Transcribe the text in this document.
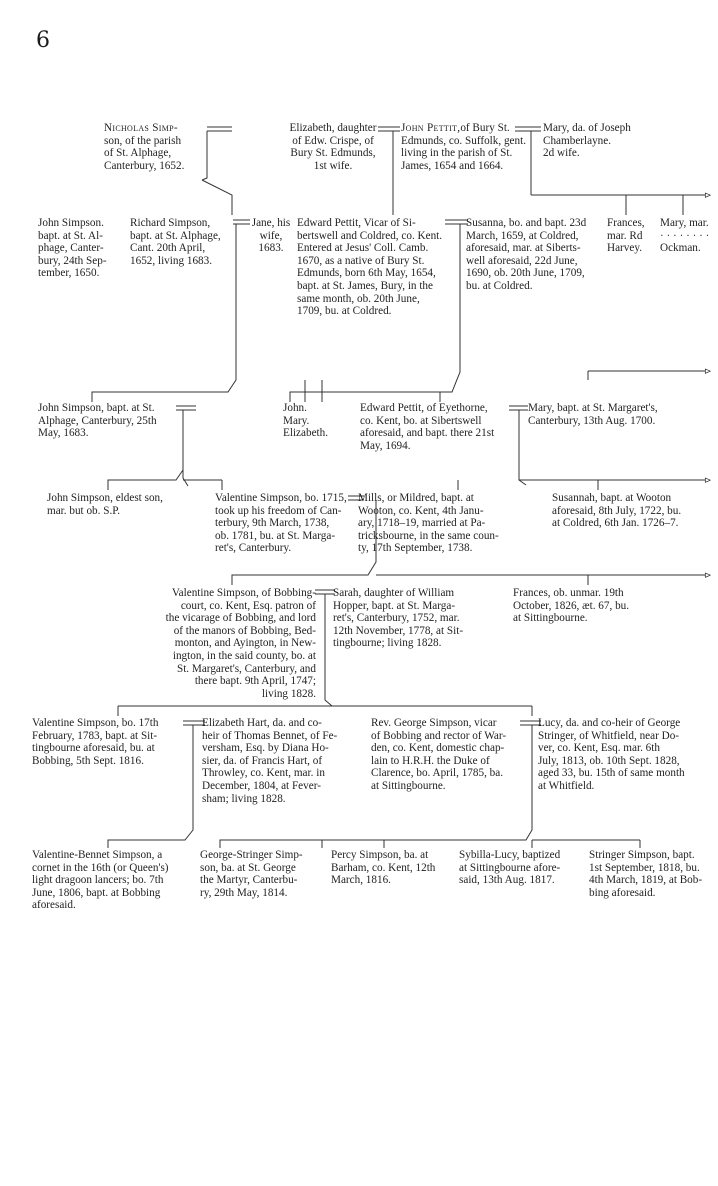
⊳
⊳
⊳
⊳
6
Nicholas Simp-
son, of the parish
of St. Alphage,
Canterbury, 1652.
Elizabeth, daughter
of Edw. Crispe, of
Bury St. Edmunds,
1st wife.
John Pettit,of Bury St.
Edmunds, co. Suffolk, gent.
living in the parish of St.
James, 1654 and 1664.
Mary, da. of Joseph
Chamberlayne.
2d wife.
John Simpson.
bapt. at St. Al-
phage, Canter-
bury, 24th Sep-
tember, 1650.
Richard Simpson,
bapt. at St. Alphage,
Cant. 20th April,
1652, living 1683.
Jane, his
wife,
1683.
Edward Pettit, Vicar of Si-
bertswell and Coldred, co. Kent.
Entered at Jesus' Coll. Camb.
1670, as a native of Bury St.
Edmunds, born 6th May, 1654,
bapt. at St. James, Bury, in the
same month, ob. 20th June,
1709, bu. at Coldred.
Susanna, bo. and bapt. 23d
March, 1659, at Coldred,
aforesaid, mar. at Siberts-
well aforesaid, 22d June,
1690, ob. 20th June, 1709,
bu. at Coldred.
Frances,
mar. Rd
Harvey.
Mary, mar.
· · · · · · · ·
Ockman.
John Simpson, bapt. at St.
Alphage, Canterbury, 25th
May, 1683.
John.
Mary.
Elizabeth.
Edward Pettit, of Eyethorne,
co. Kent, bo. at Sibertswell
aforesaid, and bapt. there 21st
May, 1694.
Mary, bapt. at St. Margaret's,
Canterbury, 13th Aug. 1700.
John Simpson, eldest son,
mar. but ob. S.P.
Valentine Simpson, bo. 1715,
took up his freedom of Can-
terbury, 9th March, 1738,
ob. 1781, bu. at St. Marga-
ret's, Canterbury.
Mills, or Mildred, bapt. at
Wooton, co. Kent, 4th Janu-
ary, 1718–19, married at Pa-
tricksbourne, in the same coun-
ty, 17th September, 1738.
Susannah, bapt. at Wooton
aforesaid, 8th July, 1722, bu.
at Coldred, 6th Jan. 1726–7.
Valentine Simpson, of Bobbing-
court, co. Kent, Esq. patron of
the vicarage of Bobbing, and lord
of the manors of Bobbing, Bed-
monton, and Ayington, in New-
ington, in the said county, bo. at
St. Margaret's, Canterbury, and
there bapt. 9th April, 1747;
living 1828.
Sarah, daughter of William
Hopper, bapt. at St. Marga-
ret's, Canterbury, 1752, mar.
12th November, 1778, at Sit-
tingbourne; living 1828.
Frances, ob. unmar. 19th
October, 1826, æt. 67, bu.
at Sittingbourne.
Valentine Simpson, bo. 17th
February, 1783, bapt. at Sit-
tingbourne aforesaid, bu. at
Bobbing, 5th Sept. 1816.
Elizabeth Hart, da. and co-
heir of Thomas Bennet, of Fe-
versham, Esq. by Diana Ho-
sier, da. of Francis Hart, of
Throwley, co. Kent, mar. in
December, 1804, at Fever-
sham; living 1828.
Rev. George Simpson, vicar
of Bobbing and rector of War-
den, co. Kent, domestic chap-
lain to H.R.H. the Duke of
Clarence, bo. April, 1785, ba.
at Sittingbourne.
Lucy, da. and co-heir of George
Stringer, of Whitfield, near Do-
ver, co. Kent, Esq. mar. 6th
July, 1813, ob. 10th Sept. 1828,
aged 33, bu. 15th of same month
at Whitfield.
Valentine-Bennet Simpson, a
cornet in the 16th (or Queen's)
light dragoon lancers; bo. 7th
June, 1806, bapt. at Bobbing
aforesaid.
George-Stringer Simp-
son, ba. at St. George
the Martyr, Canterbu-
ry, 29th May, 1814.
Percy Simpson, ba. at
Barham, co. Kent, 12th
March, 1816.
Sybilla-Lucy, baptized
at Sittingbourne afore-
said, 13th Aug. 1817.
Stringer Simpson, bapt.
1st September, 1818, bu.
4th March, 1819, at Bob-
bing aforesaid.
